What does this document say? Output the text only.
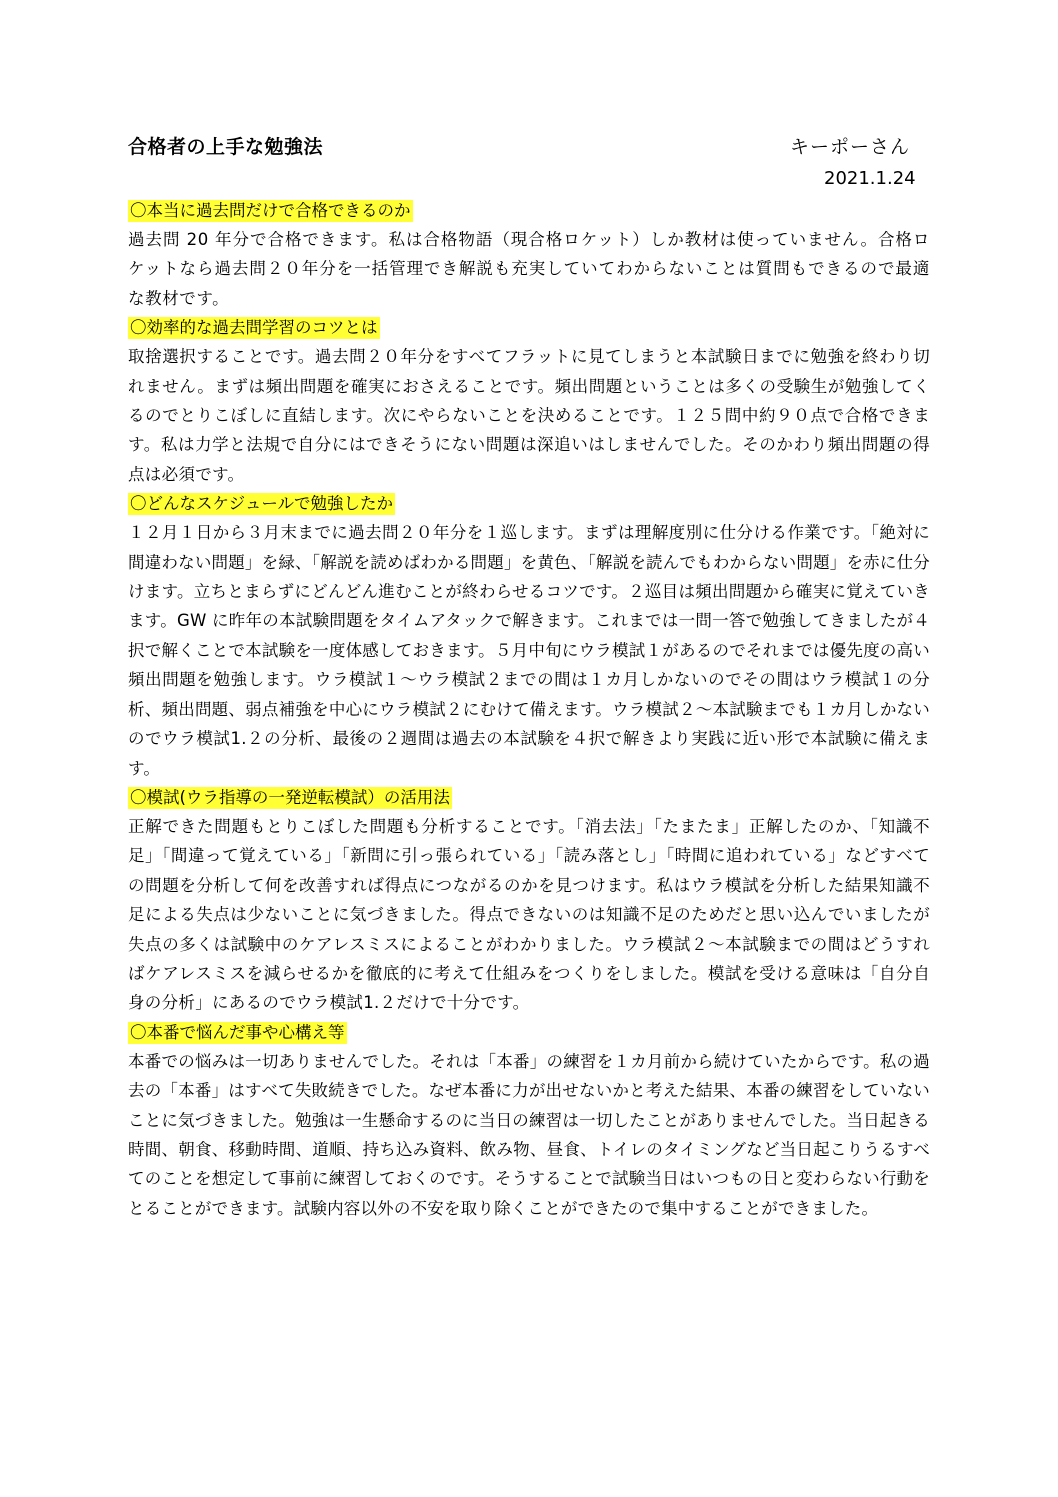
合格者の上手な勉強法	キーポーさん
2021.1.24
〇本当に過去問だけで合格できるのか

過去問 20 年分で合格できます。私は合格物語（現合格ロケット）しか教材は使っていません。合格ロケットなら過去問２０年分を一括管理でき解説も充実していてわからないことは質問もできるので最適な教材です。

〇効率的な過去問学習のコツとは

取捨選択することです。過去問２０年分をすべてフラットに見てしまうと本試験日までに勉強を終わり切れません。まずは頻出問題を確実におさえることです。頻出問題ということは多くの受験生が勉強してくるのでとりこぼしに直結します。次にやらないことを決めることです。１２５問中約９０点で合格できます。私は力学と法規で自分にはできそうにない問題は深追いはしませんでした。そのかわり頻出問題の得点は必須です。

〇どんなスケジュールで勉強したか

１２月１日から３月末までに過去問２０年分を１巡します。まずは理解度別に仕分ける作業です。「絶対に間違わない問題」を緑、「解説を読めばわかる問題」を黄色、「解説を読んでもわからない問題」を赤に仕分けます。立ちとまらずにどんどん進むことが終わらせるコツです。２巡目は頻出問題から確実に覚えていきます。GW に昨年の本試験問題をタイムアタックで解きます。これまでは一問一答で勉強してきましたが４択で解くことで本試験を一度体感しておきます。５月中旬にウラ模試１があるのでそれまでは優先度の高い頻出問題を勉強します。ウラ模試１～ウラ模試２までの間は１カ月しかないのでその間はウラ模試１の分析、頻出問題、弱点補強を中心にウラ模試２にむけて備えます。ウラ模試２～本試験までも１カ月しかないのでウラ模試1.２の分析、最後の２週間は過去の本試験を４択で解きより実践に近い形で本試験に備えます。

〇模試(ウラ指導の一発逆転模試）の活用法

正解できた問題もとりこぼした問題も分析することです。「消去法」「たまたま」正解したのか、「知識不足」「間違って覚えている」「新問に引っ張られている」「読み落とし」「時間に追われている」などすべての問題を分析して何を改善すれば得点につながるのかを見つけます。私はウラ模試を分析した結果知識不足による失点は少ないことに気づきました。得点できないのは知識不足のためだと思い込んでいましたが失点の多くは試験中のケアレスミスによることがわかりました。ウラ模試２～本試験までの間はどうすればケアレスミスを減らせるかを徹底的に考えて仕組みをつくりをしました。模試を受ける意味は「自分自身の分析」にあるのでウラ模試1.２だけで十分です。

〇本番で悩んだ事や心構え等

本番での悩みは一切ありませんでした。それは「本番」の練習を１カ月前から続けていたからです。私の過去の「本番」はすべて失敗続きでした。なぜ本番に力が出せないかと考えた結果、本番の練習をしていないことに気づきました。勉強は一生懸命するのに当日の練習は一切したことがありませんでした。当日起きる時間、朝食、移動時間、道順、持ち込み資料、飲み物、昼食、トイレのタイミングなど当日起こりうるすべてのことを想定して事前に練習しておくのです。そうすることで試験当日はいつもの日と変わらない行動をとることができます。試験内容以外の不安を取り除くことができたので集中することができました。
